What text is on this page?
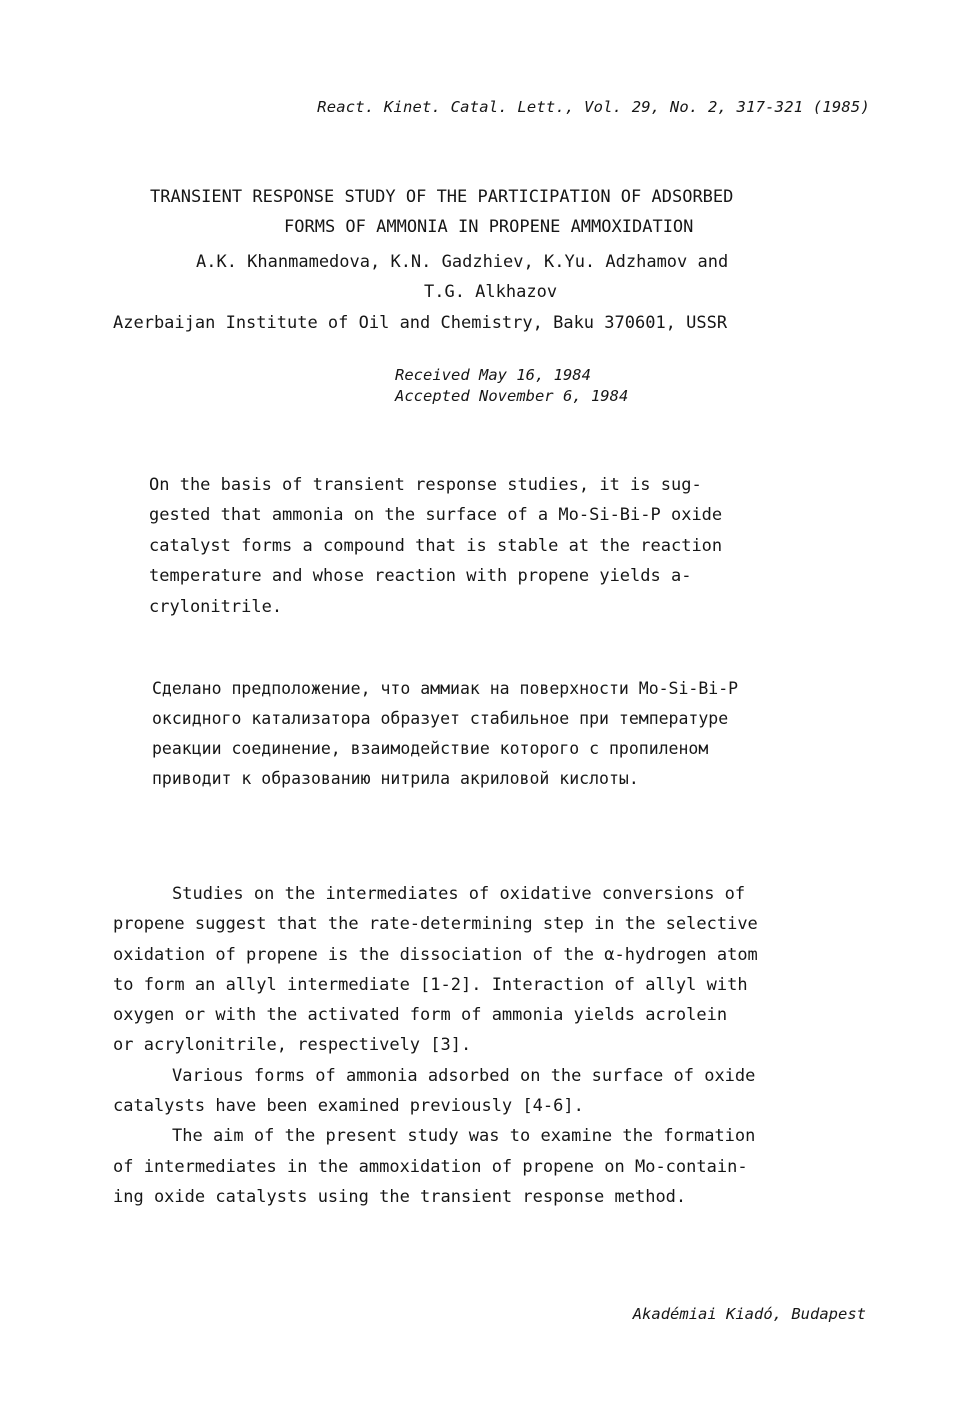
React. Kinet. Catal. Lett., Vol. 29, No. 2, 317-321 (1985)
TRANSIENT RESPONSE STUDY OF THE PARTICIPATION OF ADSORBED
FORMS OF AMMONIA IN PROPENE AMMOXIDATION
A.K. Khanmamedova, K.N. Gadzhiev, K.Yu. Adzhamov and
T.G. Alkhazov
Azerbaijan Institute of Oil and Chemistry, Baku 370601, USSR
Received May 16, 1984
Accepted November 6, 1984
On the basis of transient response studies, it is sug-
gested that ammonia on the surface of a Mo-Si-Bi-P oxide
catalyst forms a compound that is stable at the reaction
temperature and whose reaction with propene yields a-
crylonitrile.
Сделано предположение, что аммиак на поверхности Mo-Si-Bi-P
оксидного катализатора образует стабильное при температуре
реакции соединение, взаимодействие которого с пропиленом
приводит к образованию нитрила акриловой кислоты.
Studies on the intermediates of oxidative conversions of
propene suggest that the rate-determining step in the selective
oxidation of propene is the dissociation of the α-hydrogen atom
to form an allyl intermediate [1-2]. Interaction of allyl with
oxygen or with the activated form of ammonia yields acrolein
or acrylonitrile, respectively [3].
Various forms of ammonia adsorbed on the surface of oxide
catalysts have been examined previously [4-6].
The aim of the present study was to examine the formation
of intermediates in the ammoxidation of propene on Mo-contain-
ing oxide catalysts using the transient response method.
Akadémiai Kiadó, Budapest
